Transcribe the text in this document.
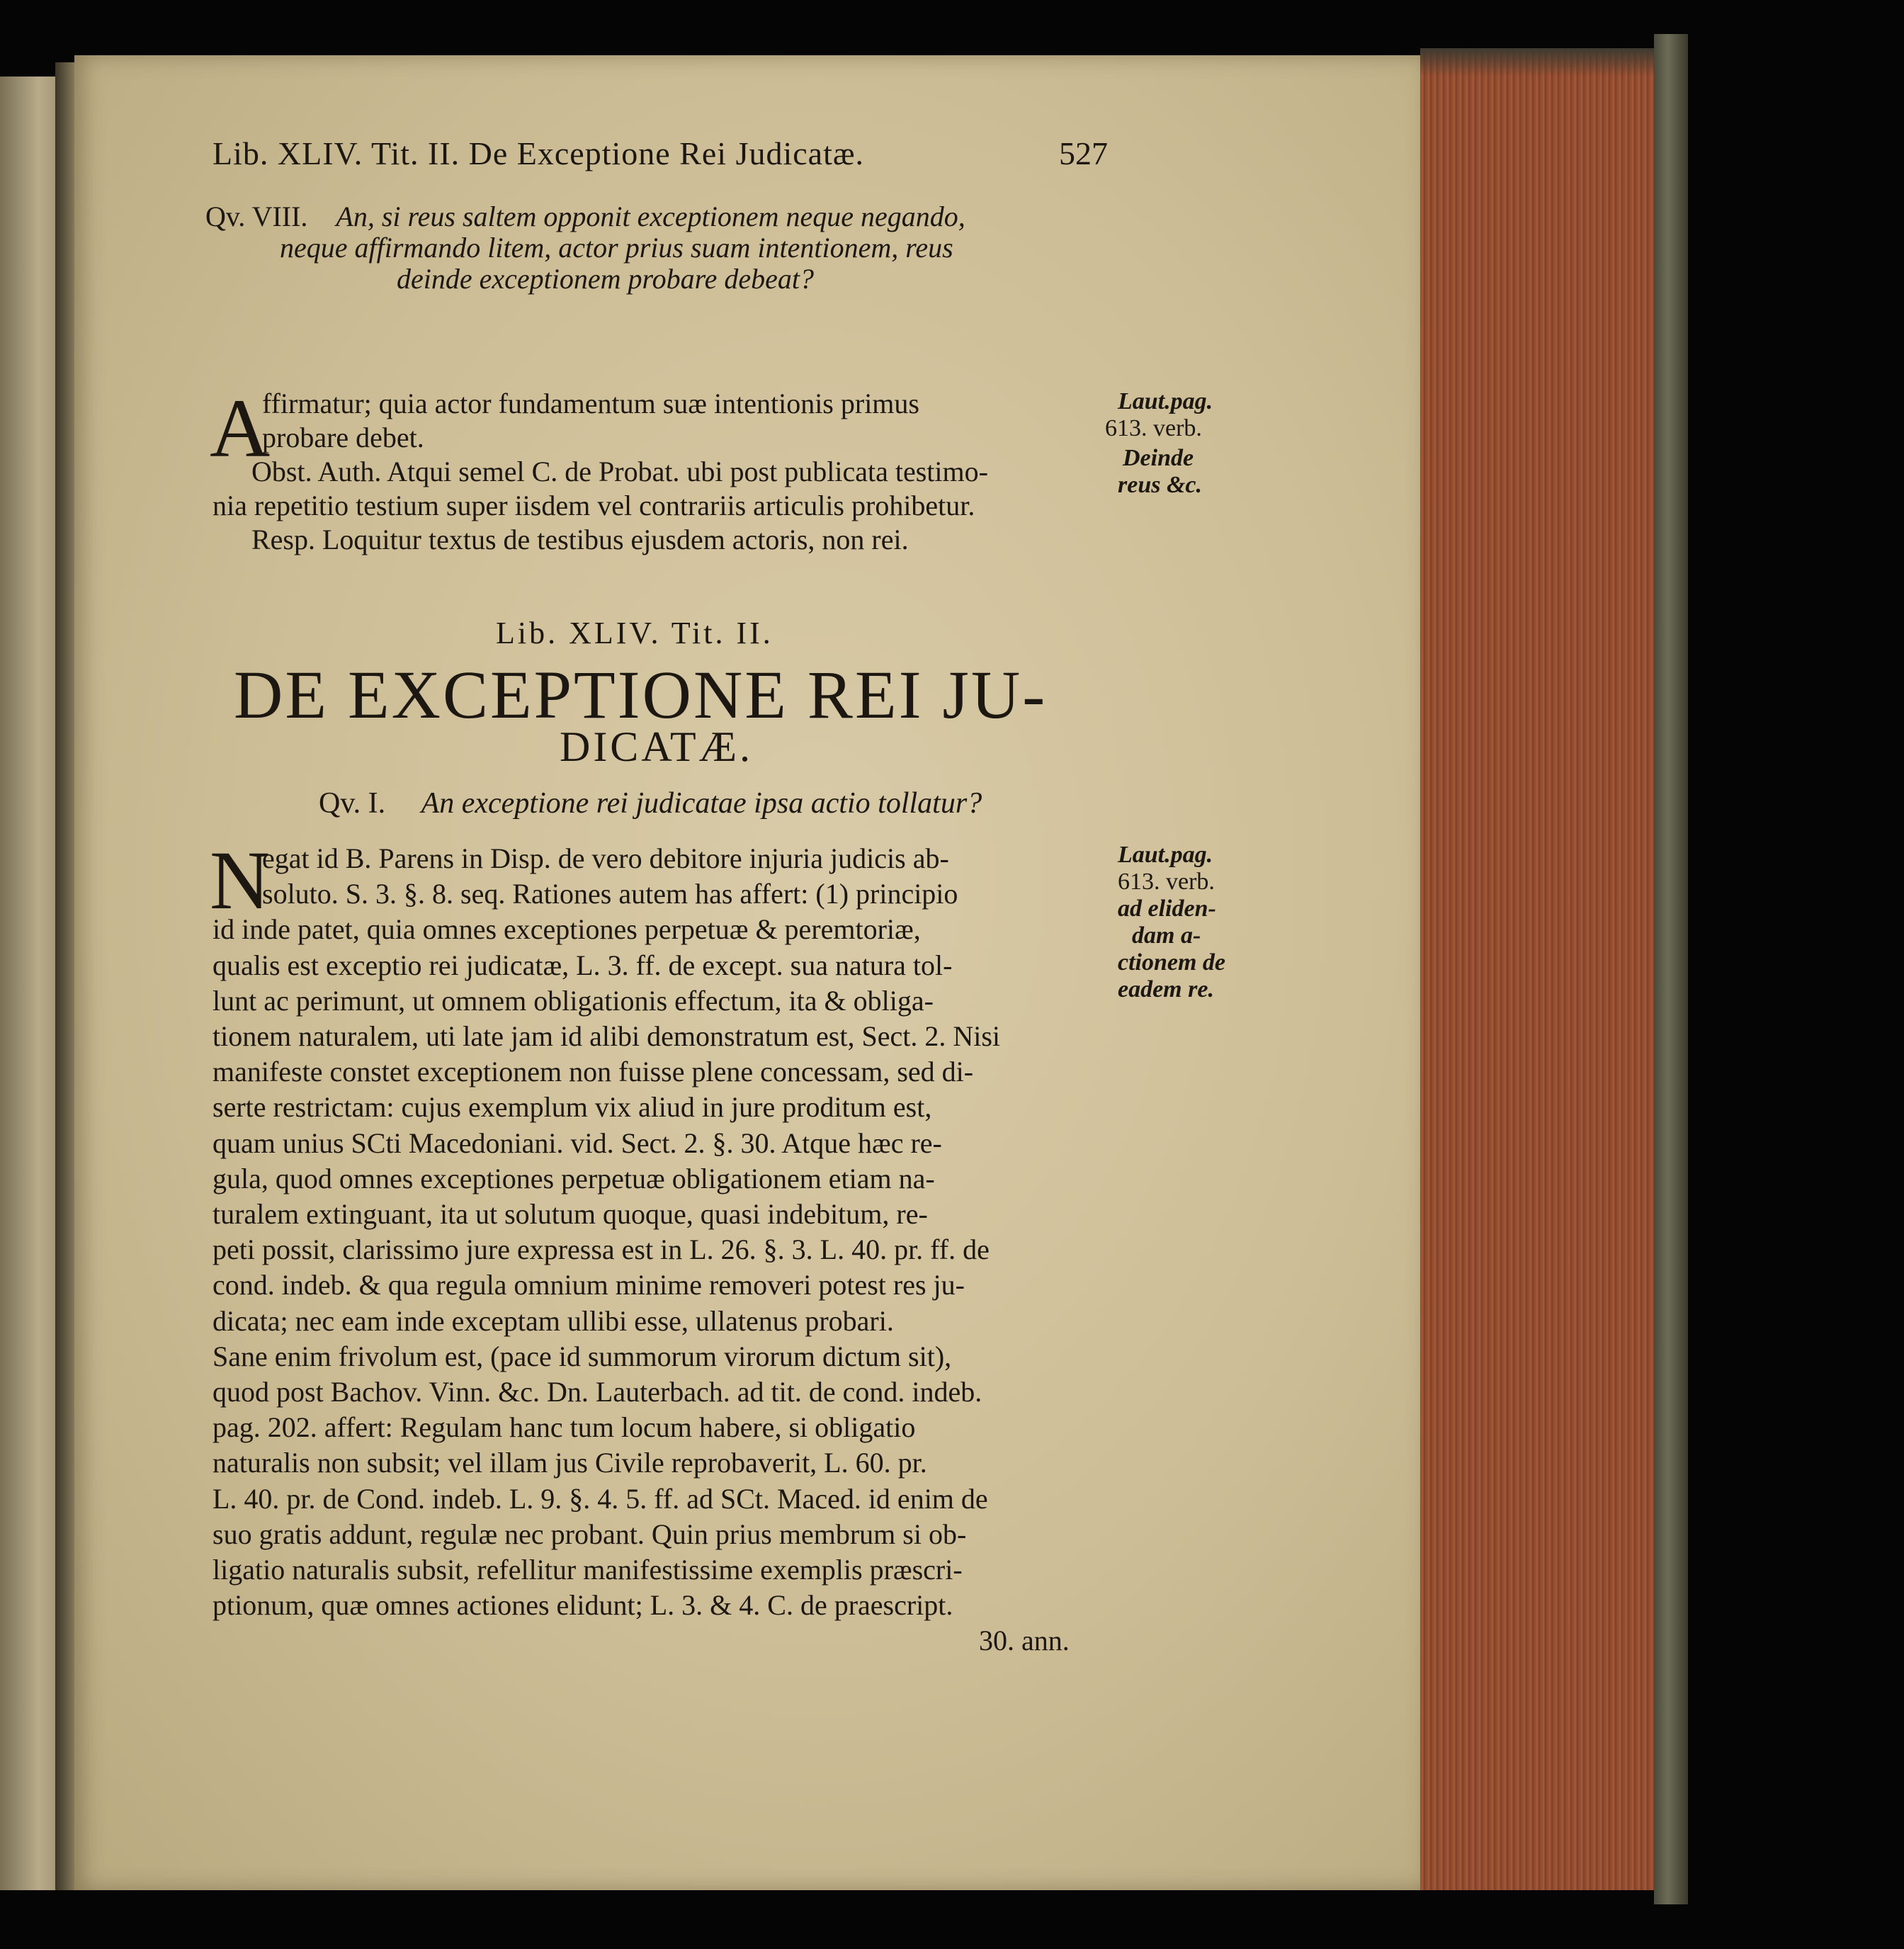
Lib. XLIV. Tit. II. De Exceptione Rei Judicatæ.	527
Qv. VIII. An, si reus saltem opponit exceptionem neque negando,
neque affirmando litem, actor prius suam intentionem, reus
deinde exceptionem probare debeat?
A
ffirmatur; quia actor fundamentum suæ intentionis primus
probare debet.
Obst. Auth. Atqui semel C. de Probat. ubi post publicata testimo-
nia repetitio testium super iisdem vel contrariis articulis prohibetur.
Resp. Loquitur textus de testibus ejusdem actoris, non rei.
Laut.pag.
613. verb.
Deinde
reus &c.
Lib. XLIV. Tit. II.
DE EXCEPTIONE REI JU-
DICATÆ.
Qv. I. An exceptione rei judicatae ipsa actio tollatur?
N
egat id B. Parens in Disp. de vero debitore injuria judicis ab-
soluto. S. 3. §. 8. seq. Rationes autem has affert: (1) principio
id inde patet, quia omnes exceptiones perpetuæ & peremtoriæ,
qualis est exceptio rei judicatæ, L. 3. ff. de except. sua natura tol-
lunt ac perimunt, ut omnem obligationis effectum, ita & obliga-
tionem naturalem, uti late jam id alibi demonstratum est, Sect. 2. Nisi
manifeste constet exceptionem non fuisse plene concessam, sed di-
serte restrictam: cujus exemplum vix aliud in jure proditum est,
quam unius SCti Macedoniani. vid. Sect. 2. §. 30. Atque hæc re-
gula, quod omnes exceptiones perpetuæ obligationem etiam na-
turalem extinguant, ita ut solutum quoque, quasi indebitum, re-
peti possit, clarissimo jure expressa est in L. 26. §. 3. L. 40. pr. ff. de
cond. indeb. & qua regula omnium minime removeri potest res ju-
dicata; nec eam inde exceptam ullibi esse, ullatenus probari.
Sane enim frivolum est, (pace id summorum virorum dictum sit),
quod post Bachov. Vinn. &c. Dn. Lauterbach. ad tit. de cond. indeb.
pag. 202. affert: Regulam hanc tum locum habere, si obligatio
naturalis non subsit; vel illam jus Civile reprobaverit, L. 60. pr.
L. 40. pr. de Cond. indeb. L. 9. §. 4. 5. ff. ad SCt. Maced. id enim de
suo gratis addunt, regulæ nec probant. Quin prius membrum si ob-
ligatio naturalis subsit, refellitur manifestissime exemplis præscri-
ptionum, quæ omnes actiones elidunt; L. 3. & 4. C. de praescript.
30. ann.
Laut.pag.
613. verb.
ad eliden-
dam a-
ctionem de
eadem re.
